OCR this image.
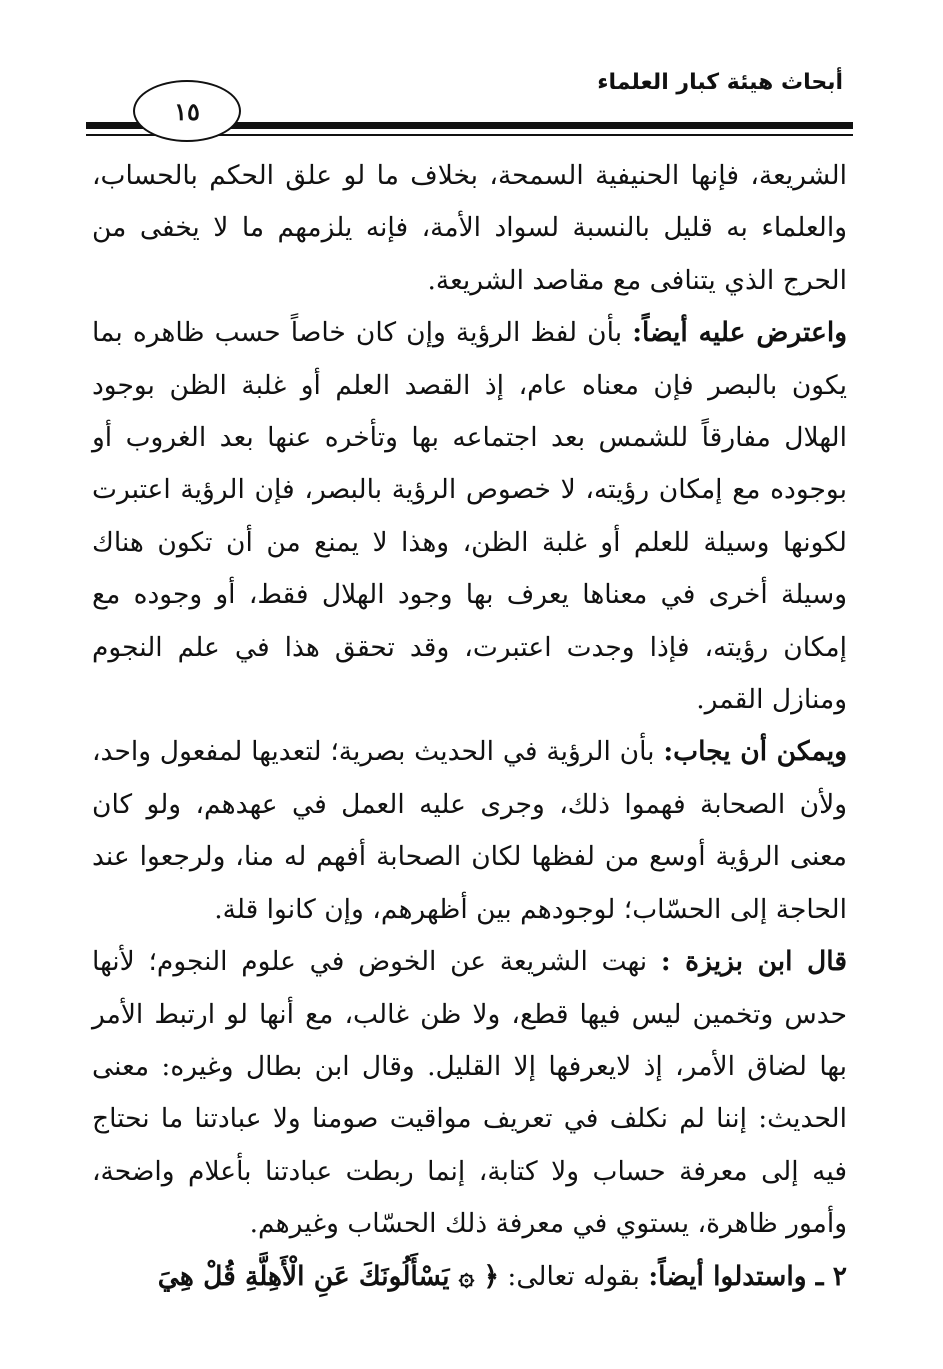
أبحاث هيئة كبار العلماء
١٥

الشريعة، فإنها الحنيفية السمحة، بخلاف ما لو علق الحكم بالحساب، والعلماء به قليل بالنسبة لسواد الأمة، فإنه يلزمهم ما لا يخفى من الحرج الذي يتنافى مع مقاصد الشريعة.

واعترض عليه أيضاً: بأن لفظ الرؤية وإن كان خاصاً حسب ظاهره بما يكون بالبصر فإن معناه عام، إذ القصد العلم أو غلبة الظن بوجود الهلال مفارقاً للشمس بعد اجتماعه بها وتأخره عنها بعد الغروب أو بوجوده مع إمكان رؤيته، لا خصوص الرؤية بالبصر، فإن الرؤية اعتبرت لكونها وسيلة للعلم أو غلبة الظن، وهذا لا يمنع من أن تكون هناك وسيلة أخرى في معناها يعرف بها وجود الهلال فقط، أو وجوده مع إمكان رؤيته، فإذا وجدت اعتبرت، وقد تحقق هذا في علم النجوم ومنازل القمر.

ويمكن أن يجاب: بأن الرؤية في الحديث بصرية؛ لتعديها لمفعول واحد، ولأن الصحابة فهموا ذلك، وجرى عليه العمل في عهدهم، ولو كان معنى الرؤية أوسع من لفظها لكان الصحابة أفهم له منا، ولرجعوا عند الحاجة إلى الحسّاب؛ لوجودهم بين أظهرهم، وإن كانوا قلة.

قال ابن بزيزة : نهت الشريعة عن الخوض في علوم النجوم؛ لأنها حدس وتخمين ليس فيها قطع، ولا ظن غالب، مع أنها لو ارتبط الأمر بها لضاق الأمر، إذ لايعرفها إلا القليل. وقال ابن بطال وغيره: معنى الحديث: إننا لم نكلف في تعريف مواقيت صومنا ولا عبادتنا ما نحتاج فيه إلى معرفة حساب ولا كتابة، إنما ربطت عبادتنا بأعلام واضحة، وأمور ظاهرة، يستوي في معرفة ذلك الحسّاب وغيرهم.

٢ ـ واستدلوا أيضاً: بقوله تعالى: ﴿ ۞ يَسْأَلُونَكَ عَنِ الْأَهِلَّةِ قُلْ هِيَ
